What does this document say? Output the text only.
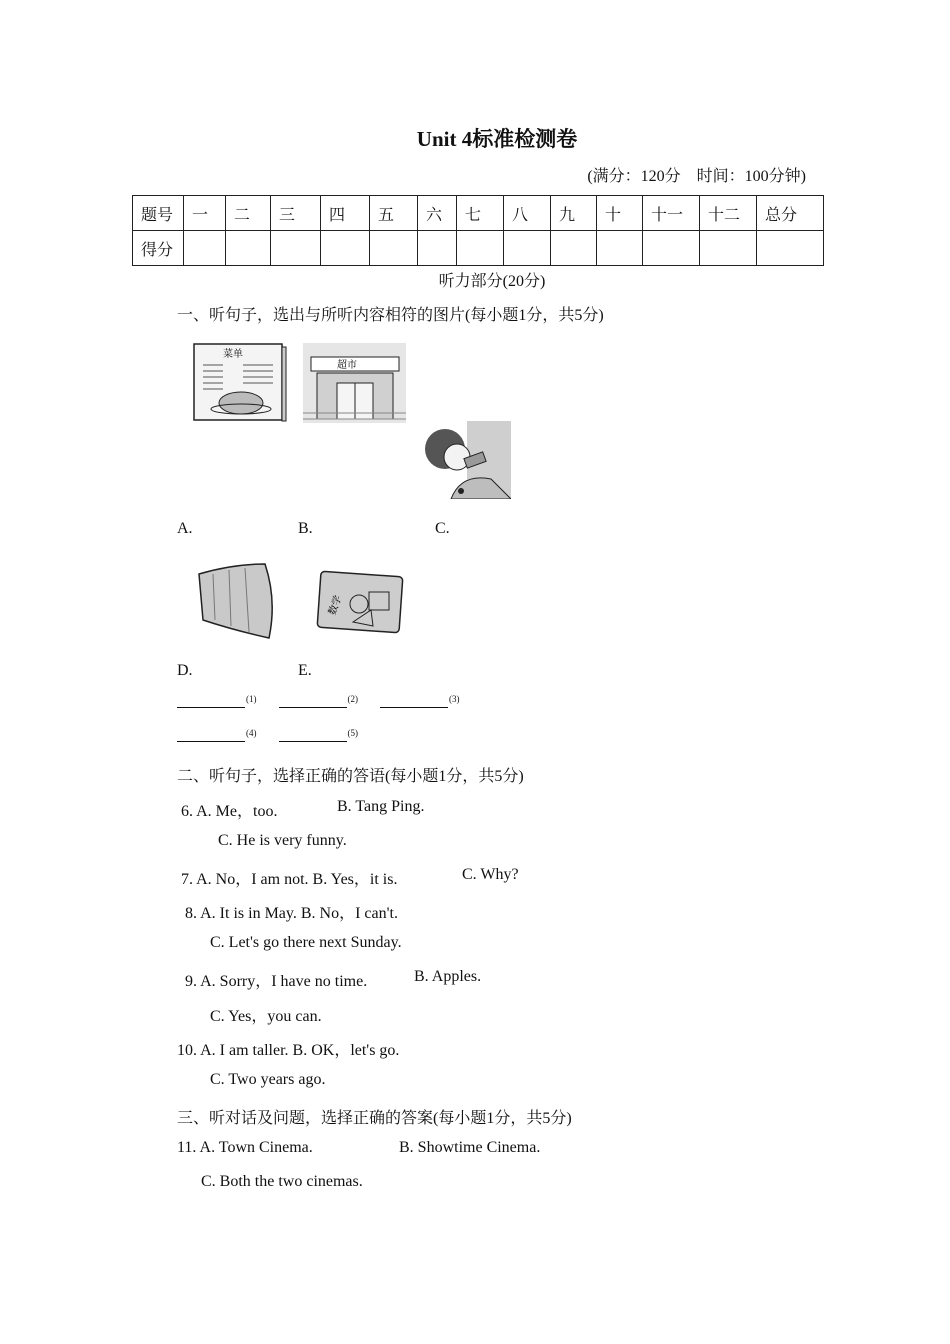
Unit 4标准检测卷
(满分：120分　时间：100分钟)
题号	一	二	三	四	五	六	七	八	九	十	十一	十二	总分
得分													
听力部分(20分)
一、听句子，选出与所听内容相符的图片(每小题1分，共5分)
菜单
超市
A.	B.	C.
数学
D.	E.
$^{(1)}$	$^{(2)}$	$^{(3)}$
$^{(4)}$	$^{(5)}$
二、听句子，选择正确的答语(每小题1分，共5分)
6. A. Me，too.	B. Tang Ping.
C. He is very funny.
7. A. No，I am not. B. Yes，it is.	C. Why?
8. A. It is in May. B. No，I can't.
C. Let's go there next Sunday.
9. A. Sorry，I have no time.	B. Apples.
C. Yes，you can.
10. A. I am taller. B. OK，let's go.
C. Two years ago.
三、听对话及问题，选择正确的答案(每小题1分，共5分)
11. A. Town Cinema.	B. Showtime Cinema.
C. Both the two cinemas.
